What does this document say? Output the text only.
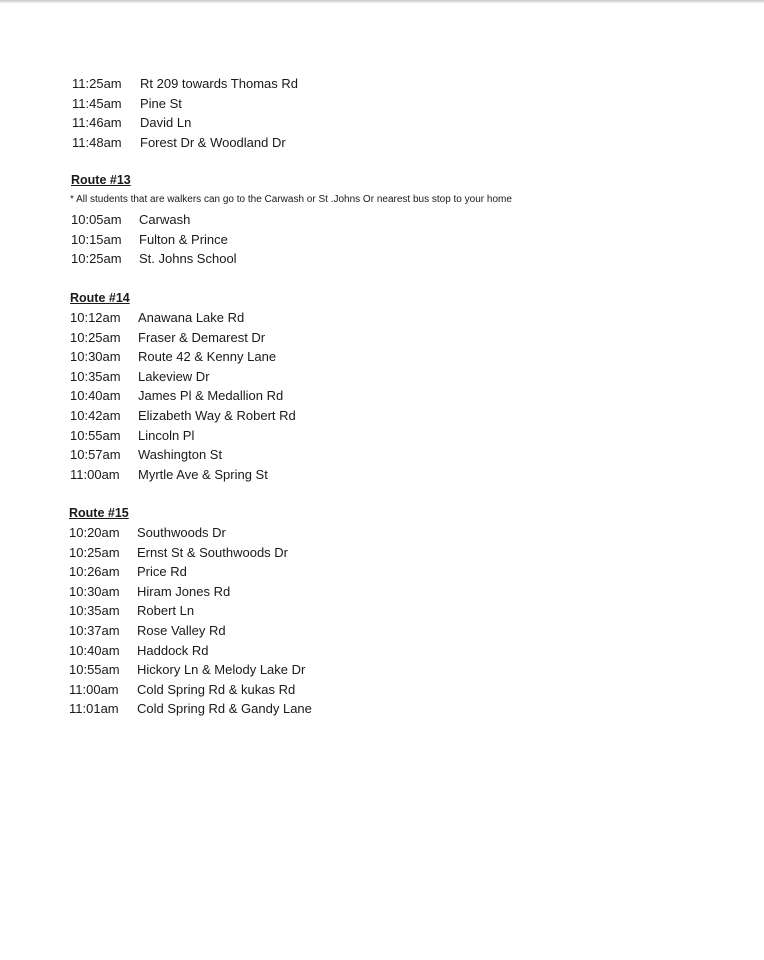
11:25am	Rt 209 towards Thomas Rd
11:45am	Pine St
11:46am	David Ln
11:48am	Forest Dr & Woodland Dr
Route #13
* All students that are walkers can go to the Carwash or St .Johns Or nearest bus stop to your home
10:05am	Carwash
10:15am	Fulton & Prince
10:25am	St. Johns School
Route #14
10:12am	Anawana Lake Rd
10:25am	Fraser & Demarest Dr
10:30am	Route 42 & Kenny Lane
10:35am	Lakeview Dr
10:40am	James Pl & Medallion Rd
10:42am	Elizabeth Way & Robert Rd
10:55am	Lincoln Pl
10:57am	Washington St
11:00am	Myrtle Ave & Spring St
Route #15
10:20am	Southwoods Dr
10:25am	Ernst St & Southwoods Dr
10:26am	Price Rd
10:30am	Hiram Jones Rd
10:35am	Robert Ln
10:37am	Rose Valley Rd
10:40am	Haddock Rd
10:55am	Hickory Ln & Melody Lake Dr
11:00am	Cold Spring Rd & kukas Rd
11:01am	Cold Spring Rd & Gandy Lane
